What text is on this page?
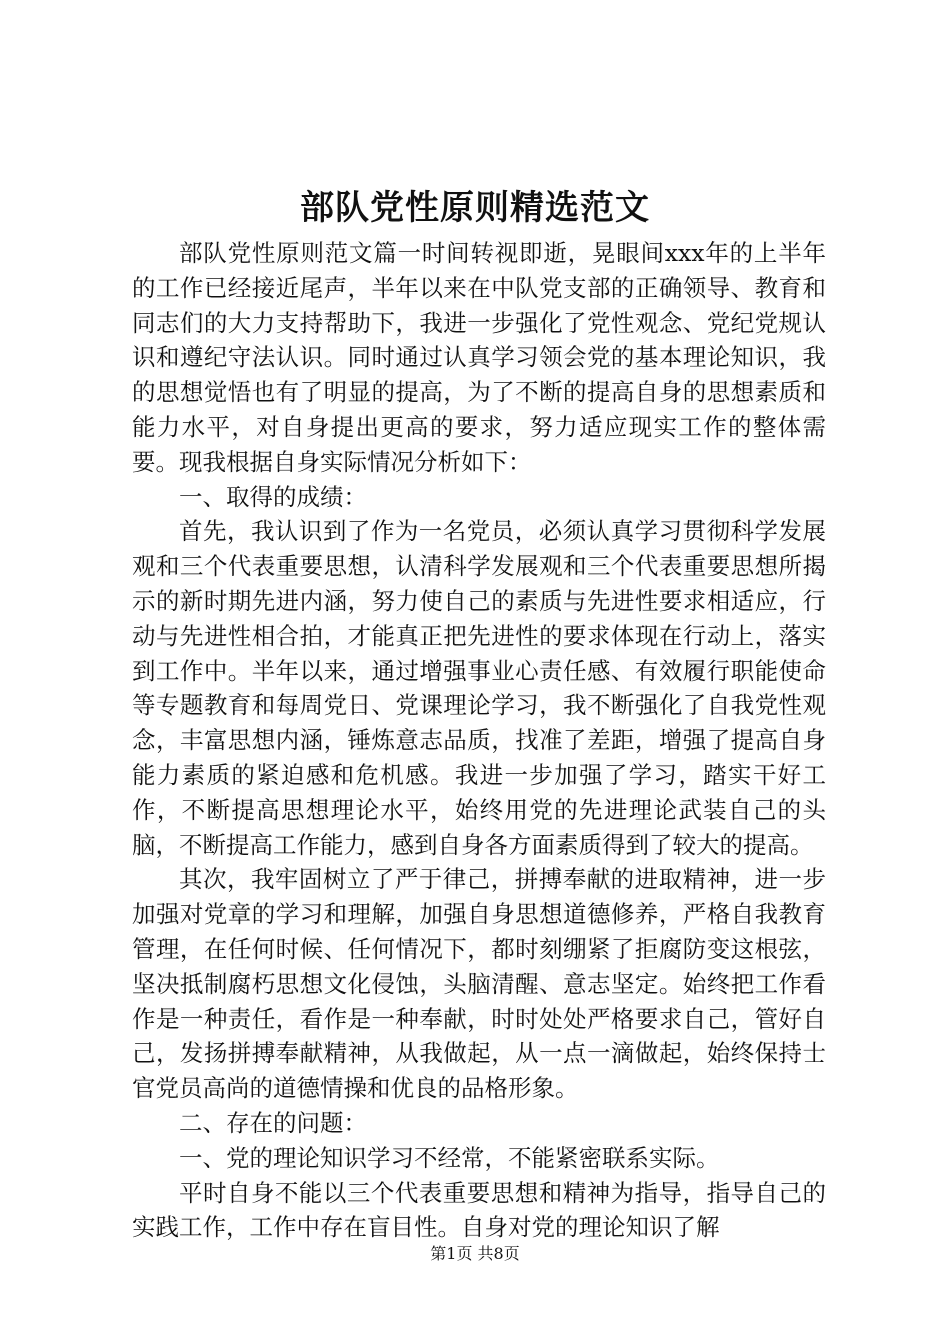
部队党性原则精选范文

部队党性原则范文篇一时间转视即逝，晃眼间xxx年的上半年的工作已经接近尾声，半年以来在中队党支部的正确领导、教育和同志们的大力支持帮助下，我进一步强化了党性观念、党纪党规认识和遵纪守法认识。同时通过认真学习领会党的基本理论知识，我的思想觉悟也有了明显的提高，为了不断的提高自身的思想素质和能力水平，对自身提出更高的要求，努力适应现实工作的整体需要。现我根据自身实际情况分析如下：

一、取得的成绩：

首先，我认识到了作为一名党员，必须认真学习贯彻科学发展观和三个代表重要思想，认清科学发展观和三个代表重要思想所揭示的新时期先进内涵，努力使自己的素质与先进性要求相适应，行动与先进性相合拍，才能真正把先进性的要求体现在行动上，落实到工作中。半年以来，通过增强事业心责任感、有效履行职能使命等专题教育和每周党日、党课理论学习，我不断强化了自我党性观念，丰富思想内涵，锤炼意志品质，找准了差距，增强了提高自身能力素质的紧迫感和危机感。我进一步加强了学习，踏实干好工作，不断提高思想理论水平，始终用党的先进理论武装自己的头脑，不断提高工作能力，感到自身各方面素质得到了较大的提高。

其次，我牢固树立了严于律己，拼搏奉献的进取精神，进一步加强对党章的学习和理解，加强自身思想道德修养，严格自我教育管理，在任何时候、任何情况下，都时刻绷紧了拒腐防变这根弦，坚决抵制腐朽思想文化侵蚀，头脑清醒、意志坚定。始终把工作看作是一种责任，看作是一种奉献，时时处处严格要求自己，管好自己，发扬拼搏奉献精神，从我做起，从一点一滴做起，始终保持士官党员高尚的道德情操和优良的品格形象。

二、存在的问题：

一、党的理论知识学习不经常，不能紧密联系实际。

平时自身不能以三个代表重要思想和精神为指导，指导自己的实践工作，工作中存在盲目性。自身对党的理论知识了解

第1页 共8页
